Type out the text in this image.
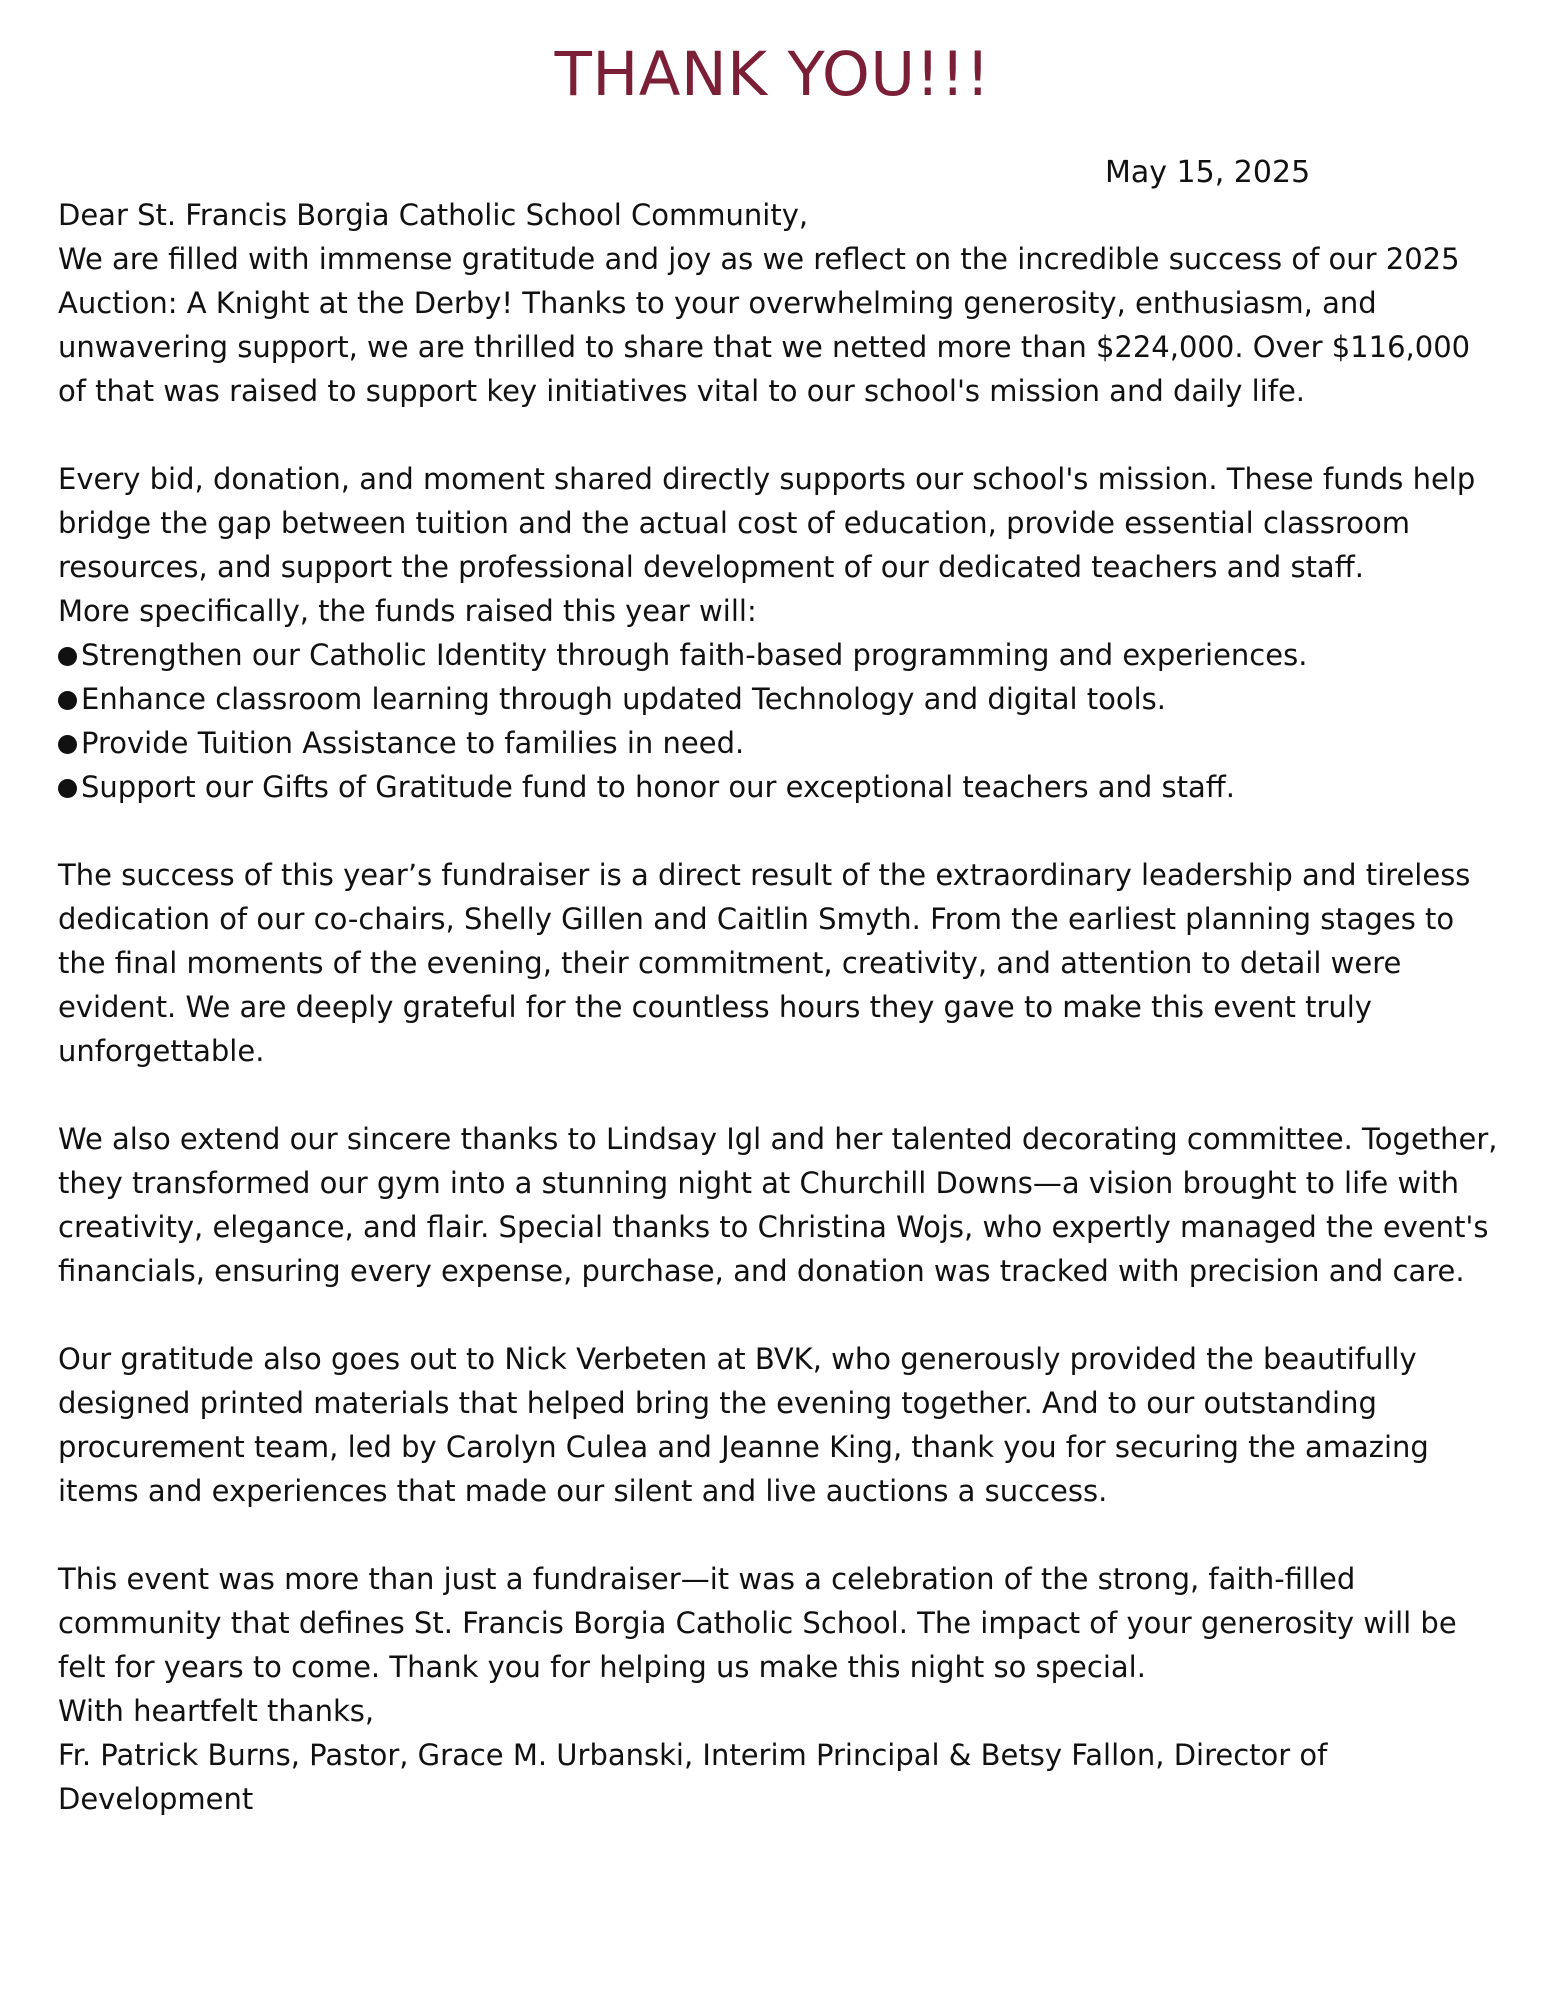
THANK YOU!!!

May 15, 2025

Dear St. Francis Borgia Catholic School Community,

We are filled with immense gratitude and joy as we reflect on the incredible success of our 2025 Auction: A Knight at the Derby! Thanks to your overwhelming generosity, enthusiasm, and unwavering support, we are thrilled to share that we netted more than $224,000. Over $116,000 of that was raised to support key initiatives vital to our school's mission and daily life.

Every bid, donation, and moment shared directly supports our school's mission. These funds help bridge the gap between tuition and the actual cost of education, provide essential classroom resources, and support the professional development of our dedicated teachers and staff.

More specifically, the funds raised this year will:

Strengthen our Catholic Identity through faith-based programming and experiences.
Enhance classroom learning through updated Technology and digital tools.
Provide Tuition Assistance to families in need.
Support our Gifts of Gratitude fund to honor our exceptional teachers and staff.

The success of this year’s fundraiser is a direct result of the extraordinary leadership and tireless dedication of our co-chairs, Shelly Gillen and Caitlin Smyth. From the earliest planning stages to the final moments of the evening, their commitment, creativity, and attention to detail were evident. We are deeply grateful for the countless hours they gave to make this event truly unforgettable.

We also extend our sincere thanks to Lindsay Igl and her talented decorating committee. Together, they transformed our gym into a stunning night at Churchill Downs—a vision brought to life with creativity, elegance, and flair. Special thanks to Christina Wojs, who expertly managed the event's financials, ensuring every expense, purchase, and donation was tracked with precision and care.

Our gratitude also goes out to Nick Verbeten at BVK, who generously provided the beautifully designed printed materials that helped bring the evening together. And to our outstanding procurement team, led by Carolyn Culea and Jeanne King, thank you for securing the amazing items and experiences that made our silent and live auctions a success.

This event was more than just a fundraiser—it was a celebration of the strong, faith-filled community that defines St. Francis Borgia Catholic School. The impact of your generosity will be felt for years to come. Thank you for helping us make this night so special.

With heartfelt thanks,

Fr. Patrick Burns, Pastor, Grace M. Urbanski, Interim Principal & Betsy Fallon, Director of Development
